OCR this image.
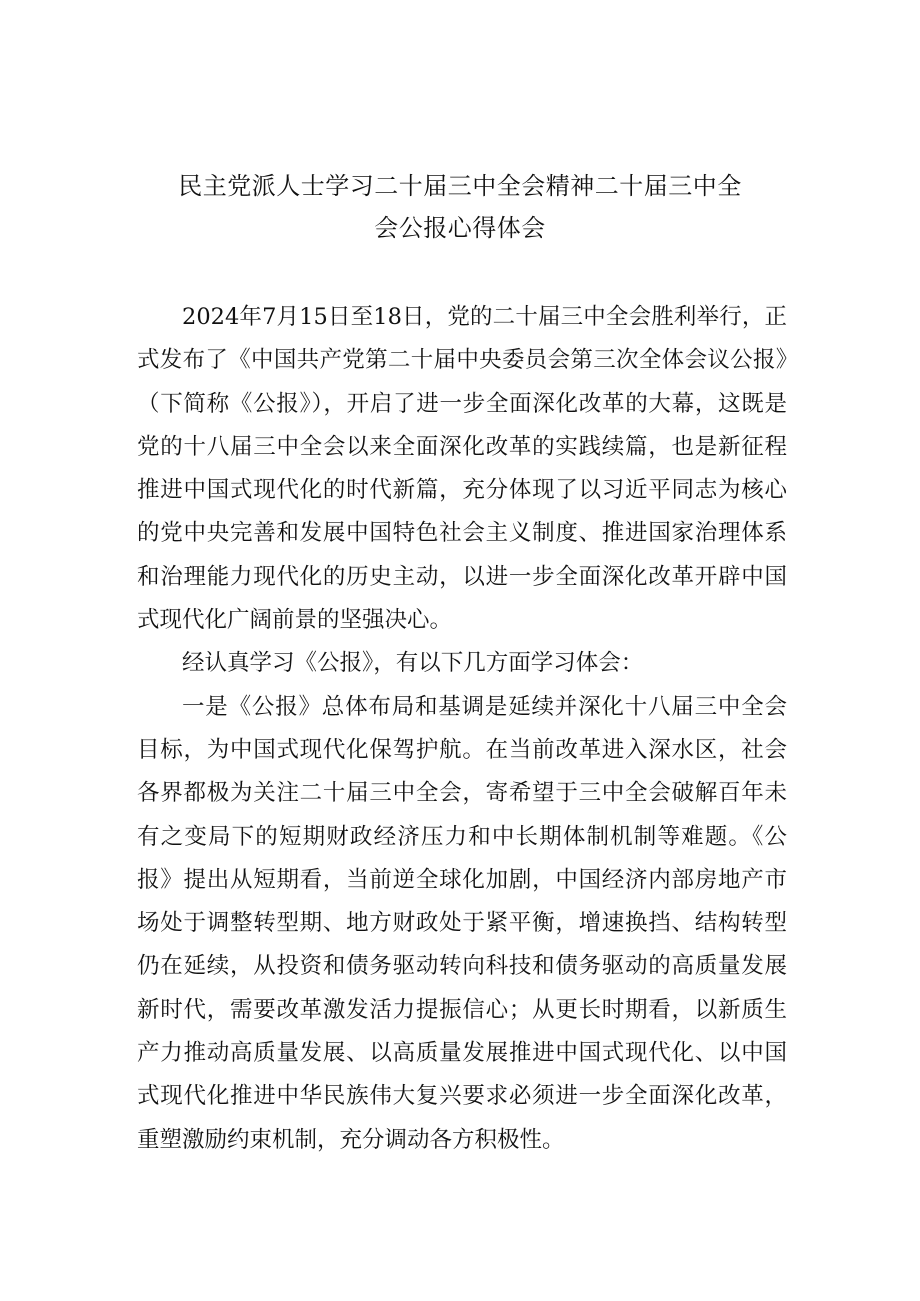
民主党派人士学习二十届三中全会精神二十届三中全
会公报心得体会

2024年7月15日至18日，党的二十届三中全会胜利举行，正式发布了《中国共产党第二十届中央委员会第三次全体会议公报》（下简称《公报》），开启了进一步全面深化改革的大幕，这既是党的十八届三中全会以来全面深化改革的实践续篇，也是新征程推进中国式现代化的时代新篇，充分体现了以习近平同志为核心的党中央完善和发展中国特色社会主义制度、推进国家治理体系和治理能力现代化的历史主动，以进一步全面深化改革开辟中国式现代化广阔前景的坚强决心。

经认真学习《公报》，有以下几方面学习体会：

一是《公报》总体布局和基调是延续并深化十八届三中全会目标，为中国式现代化保驾护航。在当前改革进入深水区，社会各界都极为关注二十届三中全会，寄希望于三中全会破解百年未有之变局下的短期财政经济压力和中长期体制机制等难题。《公报》提出从短期看，当前逆全球化加剧，中国经济内部房地产市场处于调整转型期、地方财政处于紧平衡，增速换挡、结构转型仍在延续，从投资和债务驱动转向科技和债务驱动的高质量发展新时代，需要改革激发活力提振信心；从更长时期看，以新质生产力推动高质量发展、以高质量发展推进中国式现代化、以中国式现代化推进中华民族伟大复兴要求必须进一步全面深化改革，重塑激励约束机制，充分调动各方积极性。
